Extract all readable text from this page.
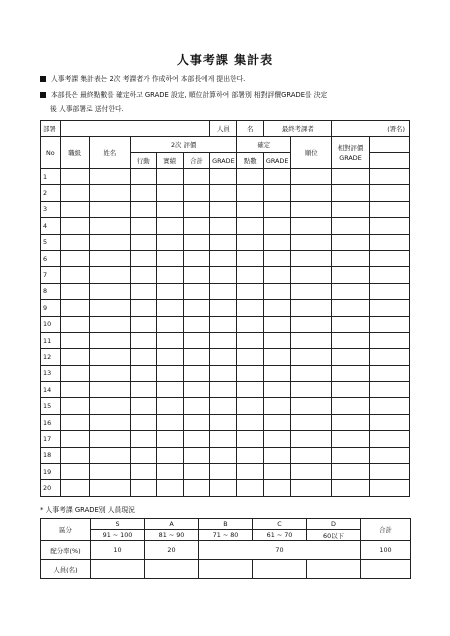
人事考課 集計表
人事考課 集計表는 2次 考課者가 作成하여 本部長에게 提出한다.
本部長은 最終點數를 確定하고 GRADE 設定, 順位計算하여 部署別 相對評價GRADE를 決定
後 人事部署로 送付한다.
部署						人員	名	最終考課者		(署名)	
No	職級	姓名	2次 評價				確定		順位	相對評價
GRADE	
			行動	實績	合計	GRADE	點數	GRADE			
1											
2											
3											
4											
5											
6											
7											
8											
9											
10											
11											
12											
13											
14											
15											
16											
17											
18											
19											
20											
* 人事考課 GRADE別 人員現況
區分	S	A	B	C	D	合計
	91 ~ 100	81 ~ 90	71 ~ 80	61 ~ 70	60以下	
配分率(%)	10	20	70			100
人員(名)						
